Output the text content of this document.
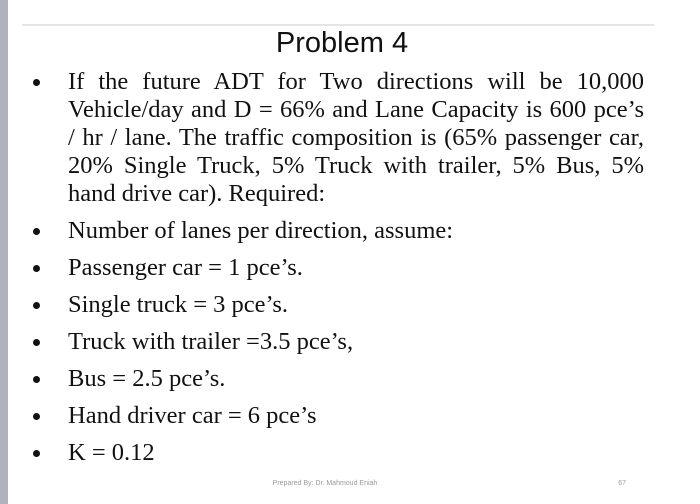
Problem 4
If the future ADT for Two directions will be 10,000 Vehicle/day and D = 66% and Lane Capacity is 600 pce’s / hr / lane. The traffic composition is (65% passenger car, 20% Single Truck, 5% Truck with trailer, 5% Bus, 5% hand drive car). Required:
Number of lanes per direction, assume:
Passenger car = 1 pce’s.
Single truck = 3 pce’s.
Truck with trailer =3.5 pce’s,
Bus = 2.5 pce’s.
Hand driver car = 6 pce’s
K = 0.12
Prepared By: Dr. Mahmoud Eniah	67
